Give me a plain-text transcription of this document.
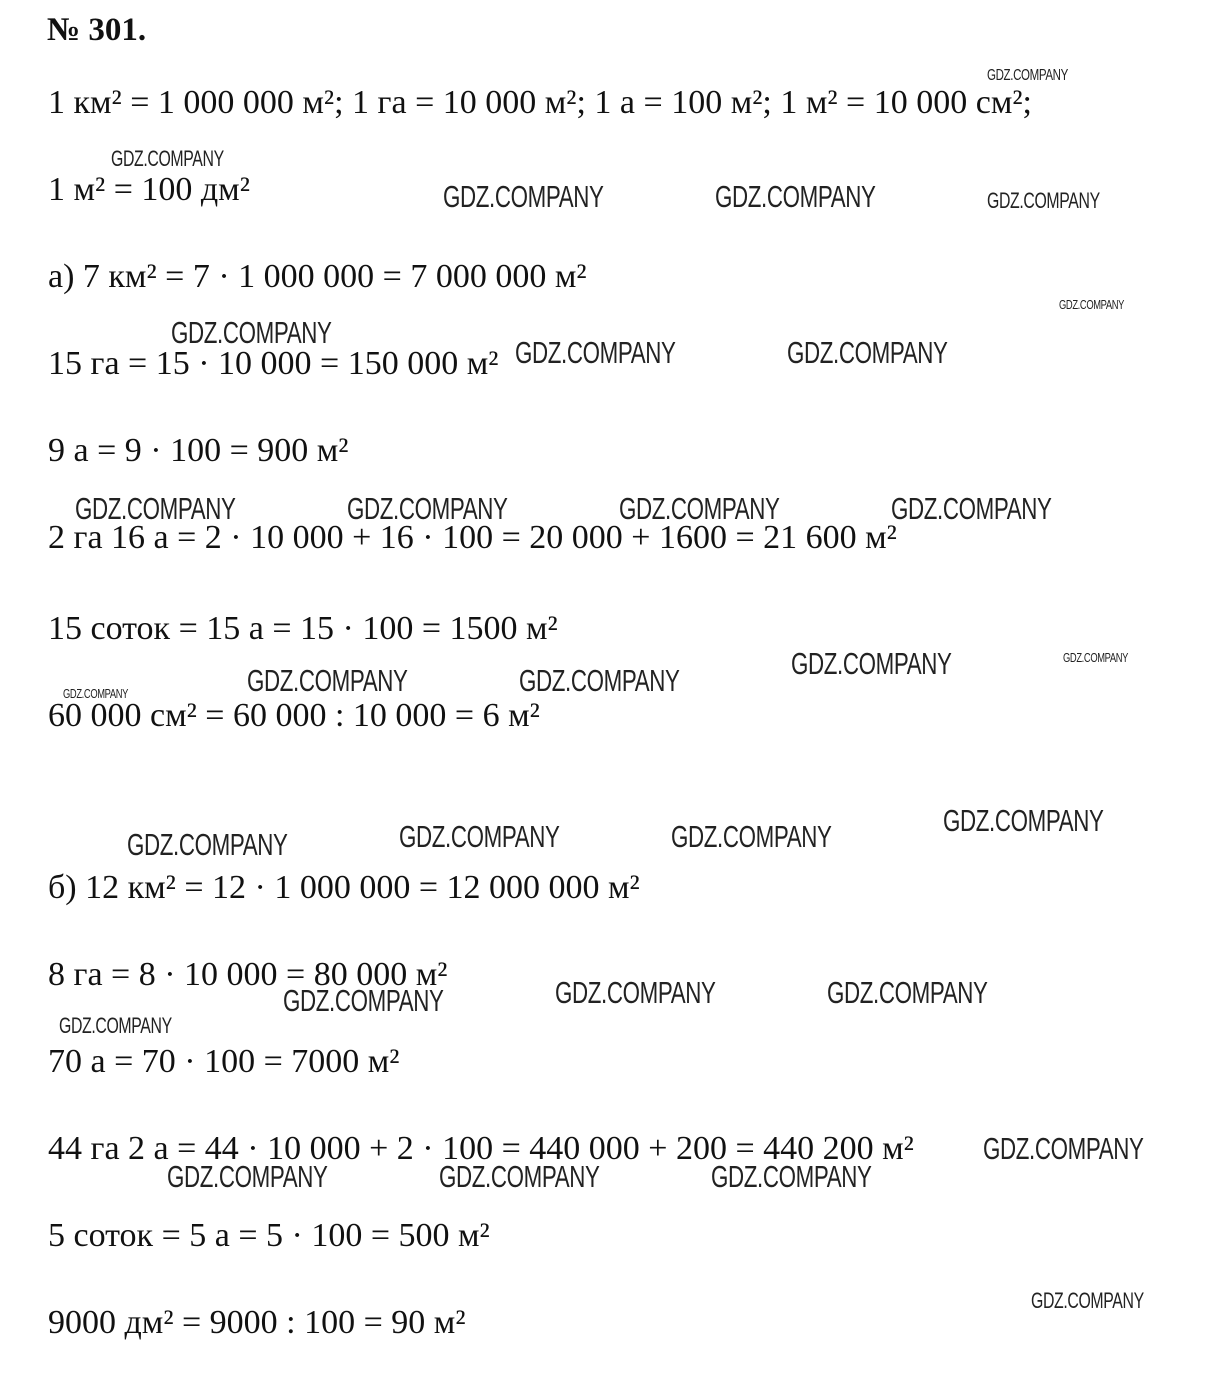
№ 301.
1 км² = 1 000 000 м²; 1 га = 10 000 м²; 1 а = 100 м²; 1 м² = 10 000 см²;
1 м² = 100 дм²
а) 7 км² = 7 · 1 000 000 = 7 000 000 м²
15 га = 15 · 10 000 = 150 000 м²
9 а = 9 · 100 = 900 м²
2 га 16 а = 2 · 10 000 + 16 · 100 = 20 000 + 1600 = 21 600 м²
15 соток = 15 а = 15 · 100 = 1500 м²
60 000 см² = 60 000 : 10 000 = 6 м²
б) 12 км² = 12 · 1 000 000 = 12 000 000 м²
8 га = 8 · 10 000 = 80 000 м²
70 а = 70 · 100 = 7000 м²
44 га 2 а = 44 · 10 000 + 2 · 100 = 440 000 + 200 = 440 200 м²
5 соток = 5 а = 5 · 100 = 500 м²
9000 дм² = 9000 : 100 = 90 м²
GDZ.COMPANY
GDZ.COMPANY
GDZ.COMPANY	GDZ.COMPANY	GDZ.COMPANY
GDZ.COMPANY
GDZ.COMPANY
GDZ.COMPANY	GDZ.COMPANY
GDZ.COMPANY	GDZ.COMPANY	GDZ.COMPANY	GDZ.COMPANY
GDZ.COMPANY	GDZ.COMPANY
GDZ.COMPANY	GDZ.COMPANY
GDZ.COMPANY
GDZ.COMPANY
GDZ.COMPANY	GDZ.COMPANY
GDZ.COMPANY
GDZ.COMPANY	GDZ.COMPANY
GDZ.COMPANY
GDZ.COMPANY
GDZ.COMPANY
GDZ.COMPANY	GDZ.COMPANY	GDZ.COMPANY
GDZ.COMPANY
